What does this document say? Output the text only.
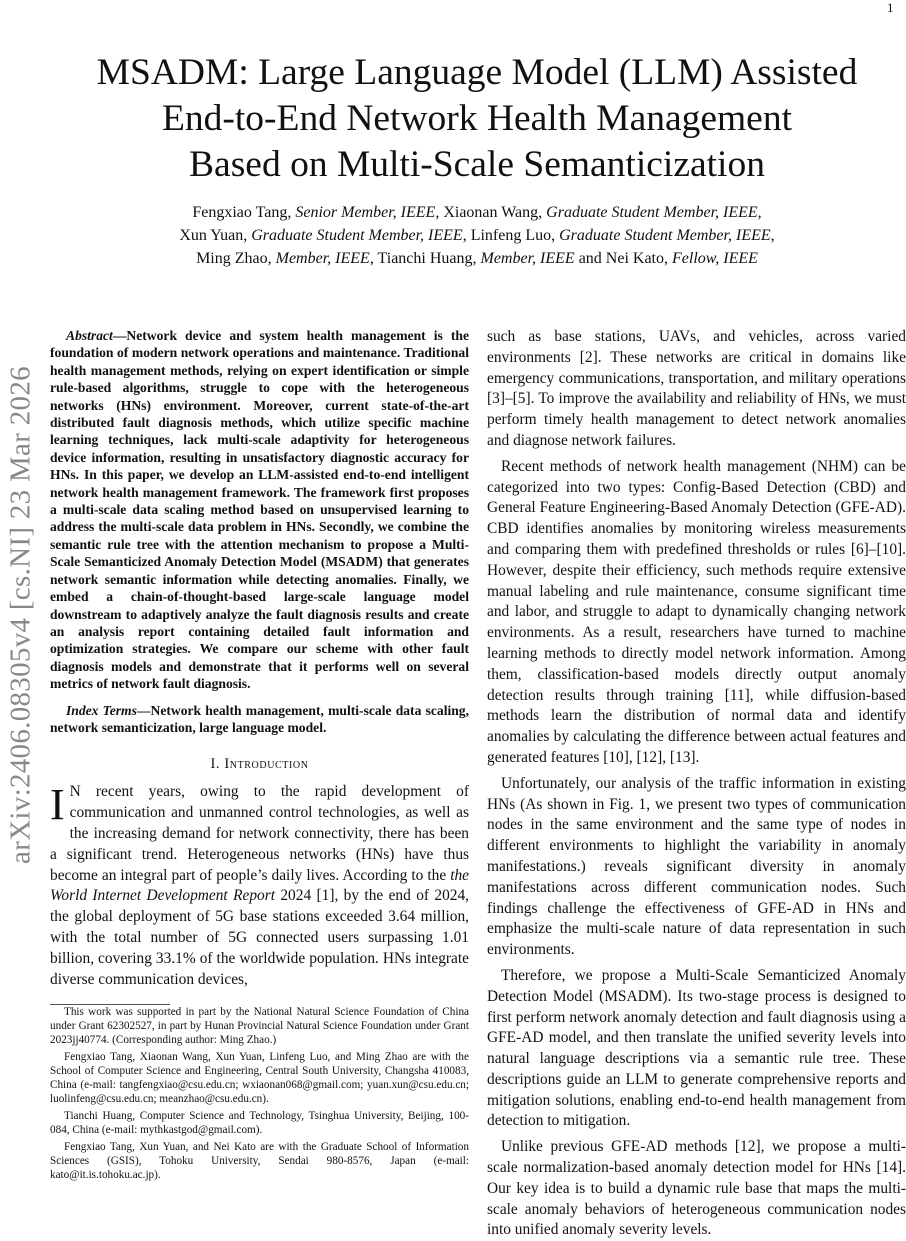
1
arXiv:2406.08305v4 [cs.NI] 23 Mar 2026
MSADM: Large Language Model (LLM) Assisted
End-to-End Network Health Management
Based on Multi-Scale Semanticization
Fengxiao Tang, Senior Member, IEEE, Xiaonan Wang, Graduate Student Member, IEEE,
Xun Yuan, Graduate Student Member, IEEE, Linfeng Luo, Graduate Student Member, IEEE,
Ming Zhao, Member, IEEE, Tianchi Huang, Member, IEEE and Nei Kato, Fellow, IEEE

Abstract—Network device and system health management is the foundation of modern network operations and maintenance. Traditional health management methods, relying on expert identification or simple rule-based algorithms, struggle to cope with the heterogeneous networks (HNs) environment. Moreover, current state-of-the-art distributed fault diagnosis methods, which utilize specific machine learning techniques, lack multi-scale adaptivity for heterogeneous device information, resulting in unsatisfactory diagnostic accuracy for HNs. In this paper, we develop an LLM-assisted end-to-end intelligent network health management framework. The framework first proposes a multi-scale data scaling method based on unsupervised learning to address the multi-scale data problem in HNs. Secondly, we combine the semantic rule tree with the attention mechanism to propose a Multi-Scale Semanticized Anomaly Detection Model (MSADM) that generates network semantic information while detecting anomalies. Finally, we embed a chain-of-thought-based large-scale language model downstream to adaptively analyze the fault diagnosis results and create an analysis report containing detailed fault information and optimization strategies. We compare our scheme with other fault diagnosis models and demonstrate that it performs well on several metrics of network fault diagnosis.

Index Terms—Network health management, multi-scale data scaling, network semanticization, large language model.

I. Introduction

I N recent years, owing to the rapid development of communication and unmanned control technologies, as well as the increasing demand for network connectivity, there has been a significant trend. Heterogeneous networks (HNs) have thus become an integral part of people’s daily lives. According to the the World Internet Development Report 2024 [1], by the end of 2024, the global deployment of 5G base stations exceeded 3.64 million, with the total number of 5G connected users surpassing 1.01 billion, covering 33.1% of the worldwide population. HNs integrate diverse communication devices,

This work was supported in part by the National Natural Science Foundation of China under Grant 62302527, in part by Hunan Provincial Natural Science Foundation under Grant 2023jj40774. (Corresponding author: Ming Zhao.)

Fengxiao Tang, Xiaonan Wang, Xun Yuan, Linfeng Luo, and Ming Zhao are with the School of Computer Science and Engineering, Central South University, Changsha 410083, China (e-mail: tangfengxiao@csu.edu.cn; wxiaonan068@gmail.com; yuan.xun@csu.edu.cn; luolinfeng@csu.edu.cn; meanzhao@csu.edu.cn).

Tianchi Huang, Computer Science and Technology, Tsinghua University, Beijing, 100-084, China (e-mail: mythkastgod@gmail.com).

Fengxiao Tang, Xun Yuan, and Nei Kato are with the Graduate School of Information Sciences (GSIS), Tohoku University, Sendai 980-8576, Japan (e-mail: kato@it.is.tohoku.ac.jp).

such as base stations, UAVs, and vehicles, across varied environments [2]. These networks are critical in domains like emergency communications, transportation, and military operations [3]–[5]. To improve the availability and reliability of HNs, we must perform timely health management to detect network anomalies and diagnose network failures.

Recent methods of network health management (NHM) can be categorized into two types: Config-Based Detection (CBD) and General Feature Engineering-Based Anomaly Detection (GFE-AD). CBD identifies anomalies by monitoring wireless measurements and comparing them with predefined thresholds or rules [6]–[10]. However, despite their efficiency, such methods require extensive manual labeling and rule maintenance, consume significant time and labor, and struggle to adapt to dynamically changing network environments. As a result, researchers have turned to machine learning methods to directly model network information. Among them, classification-based models directly output anomaly detection results through training [11], while diffusion-based methods learn the distribution of normal data and identify anomalies by calculating the difference between actual features and generated features [10], [12], [13].

Unfortunately, our analysis of the traffic information in existing HNs (As shown in Fig. 1, we present two types of communication nodes in the same environment and the same type of nodes in different environments to highlight the variability in anomaly manifestations.) reveals significant diversity in anomaly manifestations across different communication nodes. Such findings challenge the effectiveness of GFE-AD in HNs and emphasize the multi-scale nature of data representation in such environments.

Therefore, we propose a Multi-Scale Semanticized Anomaly Detection Model (MSADM). Its two-stage process is designed to first perform network anomaly detection and fault diagnosis using a GFE-AD model, and then translate the unified severity levels into natural language descriptions via a semantic rule tree. These descriptions guide an LLM to generate comprehensive reports and mitigation solutions, enabling end-to-end health management from detection to mitigation.

Unlike previous GFE-AD methods [12], we propose a multi-scale normalization-based anomaly detection model for HNs [14]. Our key idea is to build a dynamic rule base that maps the multi-scale anomaly behaviors of heterogeneous communication nodes into unified anomaly severity levels.
